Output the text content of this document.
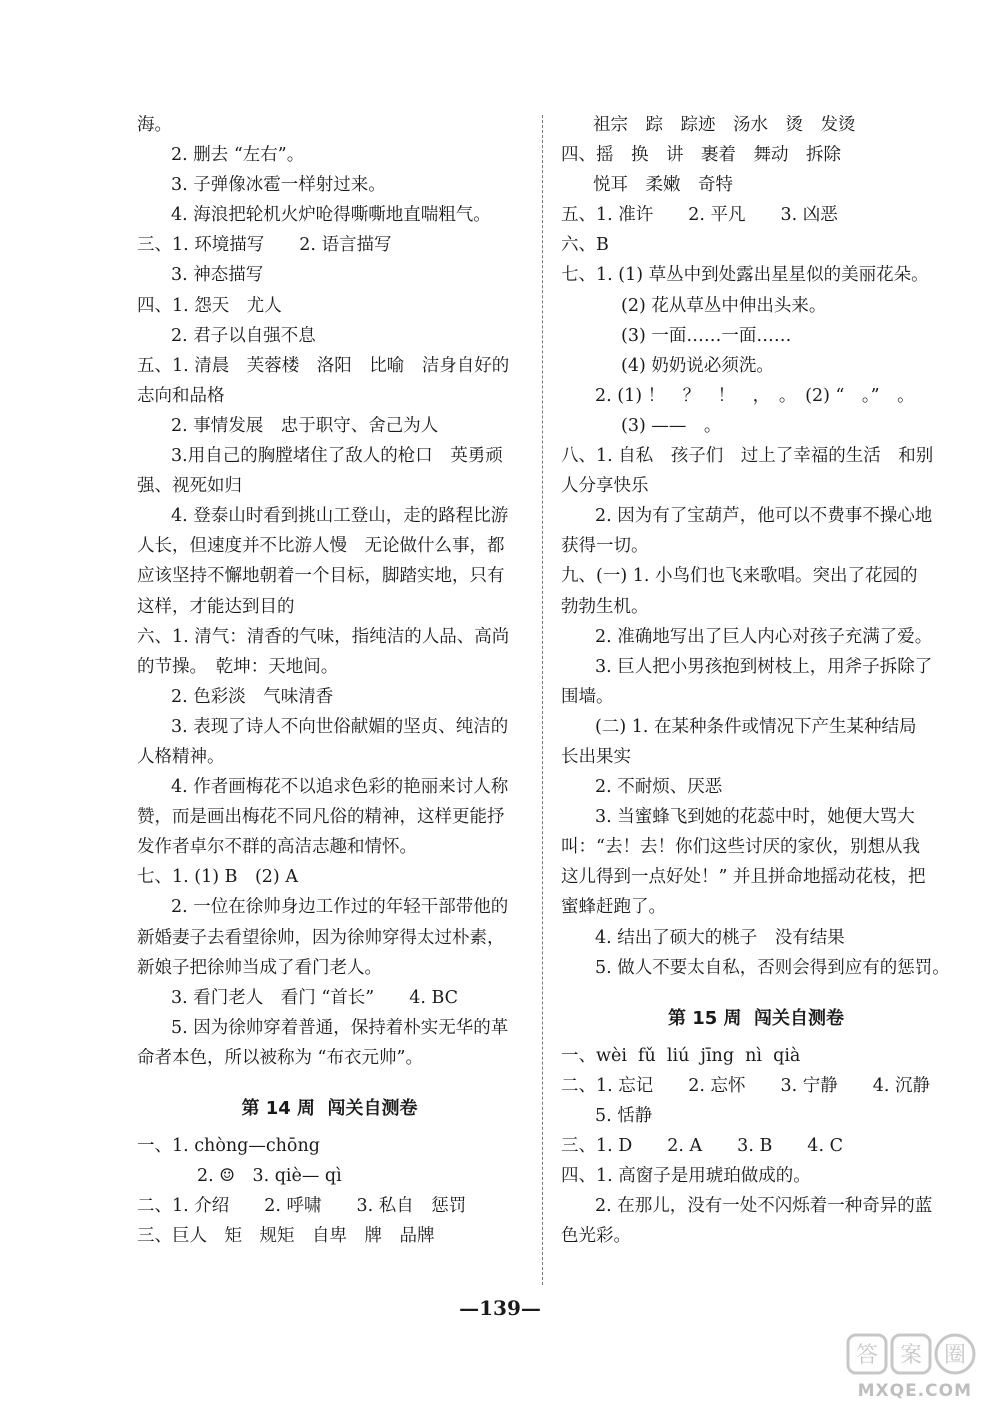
海。
2. 删去 “左右”。
3. 子弹像冰雹一样射过来。
4. 海浪把轮机火炉呛得嘶嘶地直喘粗气。
三、1. 环境描写　　2. 语言描写
3. 神态描写
四、1. 怨天　尤人
2. 君子以自强不息
五、1. 清晨　芙蓉楼　洛阳　比喻　洁身自好的
志向和品格
2. 事情发展　忠于职守、舍己为人
3.用自己的胸膛堵住了敌人的枪口　英勇顽
强、视死如归
4. 登泰山时看到挑山工登山，走的路程比游
人长，但速度并不比游人慢　无论做什么事，都
应该坚持不懈地朝着一个目标，脚踏实地，只有
这样，才能达到目的
六、1. 清气：清香的气味，指纯洁的人品、高尚
的节操。　乾坤：天地间。
2. 色彩淡　气味清香
3. 表现了诗人不向世俗献媚的坚贞、纯洁的
人格精神。
4. 作者画梅花不以追求色彩的艳丽来讨人称
赞，而是画出梅花不同凡俗的精神，这样更能抒
发作者卓尔不群的高洁志趣和情怀。
七、1. (1) B　(2) A
2. 一位在徐帅身边工作过的年轻干部带他的
新婚妻子去看望徐帅，因为徐帅穿得太过朴素，
新娘子把徐帅当成了看门老人。
3. 看门老人　看门 “首长”　　4. BC
5. 因为徐帅穿着普通，保持着朴实无华的革
命者本色，所以被称为 “布衣元帅”。
第 14 周  闯关自测卷
一、1. chòng—chōng
2. ☺　3. qiè— qì
二、1. 介绍　　2. 呼啸　　3. 私自　惩罚
三、巨人　矩　规矩　自卑　牌　品牌
祖宗　踪　踪迹　汤水　烫　发烫
四、摇　换　讲　裹着　舞动　拆除
悦耳　柔嫩　奇特
五、1. 准许　　2. 平凡　　3. 凶恶
六、B
七、1. (1) 草丛中到处露出星星似的美丽花朵。
(2) 花从草丛中伸出头来。
(3) 一面……一面……
(4) 奶奶说必须洗。
2. (1) ！　？　！　，　。　(2) “　。”　。
(3) ——　。
八、1. 自私　孩子们　过上了幸福的生活　和别
人分享快乐
2. 因为有了宝葫芦，他可以不费事不操心地
获得一切。
九、(一) 1. 小鸟们也飞来歌唱。突出了花园的
勃勃生机。
2. 准确地写出了巨人内心对孩子充满了爱。
3. 巨人把小男孩抱到树枝上，用斧子拆除了
围墙。
(二) 1. 在某种条件或情况下产生某种结局
长出果实
2. 不耐烦、厌恶
3. 当蜜蜂飞到她的花蕊中时，她便大骂大
叫：“去！去！你们这些讨厌的家伙，别想从我
这儿得到一点好处！” 并且拼命地摇动花枝，把
蜜蜂赶跑了。
4. 结出了硕大的桃子　没有结果
5. 做人不要太自私，否则会得到应有的惩罚。
第 15 周  闯关自测卷
一、wèi  fǔ  liú  jīng  nì  qià
二、1. 忘记　　2. 忘怀　　3. 宁静　　4. 沉静
5. 恬静
三、1. D　　2. A　　3. B　　4. C
四、1. 高窗子是用琥珀做成的。
2. 在那儿，没有一处不闪烁着一种奇异的蓝
色光彩。
—139—
答 案 圈
MXQE.COM
